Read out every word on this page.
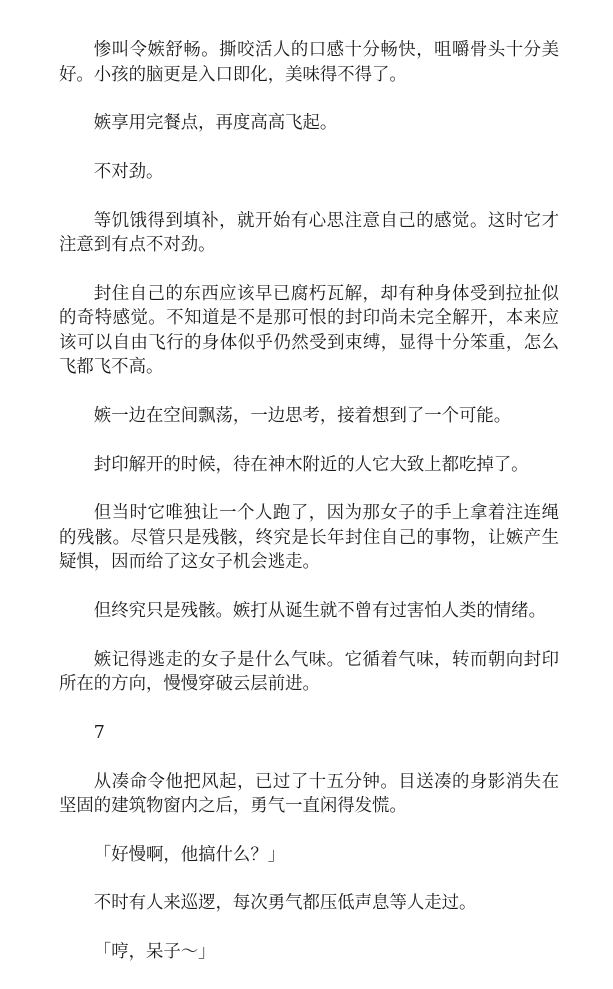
惨叫令嫉舒畅。撕咬活人的口感十分畅快，咀嚼骨头十分美好。小孩的脑更是入口即化，美味得不得了。

嫉享用完餐点，再度高高飞起。

不对劲。

等饥饿得到填补，就开始有心思注意自己的感觉。这时它才注意到有点不对劲。

封住自己的东西应该早已腐朽瓦解，却有种身体受到拉扯似的奇特感觉。不知道是不是那可恨的封印尚未完全解开，本来应该可以自由飞行的身体似乎仍然受到束缚，显得十分笨重，怎么飞都飞不高。

嫉一边在空间飘荡，一边思考，接着想到了一个可能。

封印解开的时候，待在神木附近的人它大致上都吃掉了。

但当时它唯独让一个人跑了，因为那女子的手上拿着注连绳的残骸。尽管只是残骸，终究是长年封住自己的事物，让嫉产生疑惧，因而给了这女子机会逃走。

但终究只是残骸。嫉打从诞生就不曾有过害怕人类的情绪。

嫉记得逃走的女子是什么气味。它循着气味，转而朝向封印所在的方向，慢慢穿破云层前进。

7

从凑命令他把风起，已过了十五分钟。目送凑的身影消失在坚固的建筑物窗内之后，勇气一直闲得发慌。

「好慢啊，他搞什么？」

不时有人来巡逻，每次勇气都压低声息等人走过。

「哼，呆子～」
